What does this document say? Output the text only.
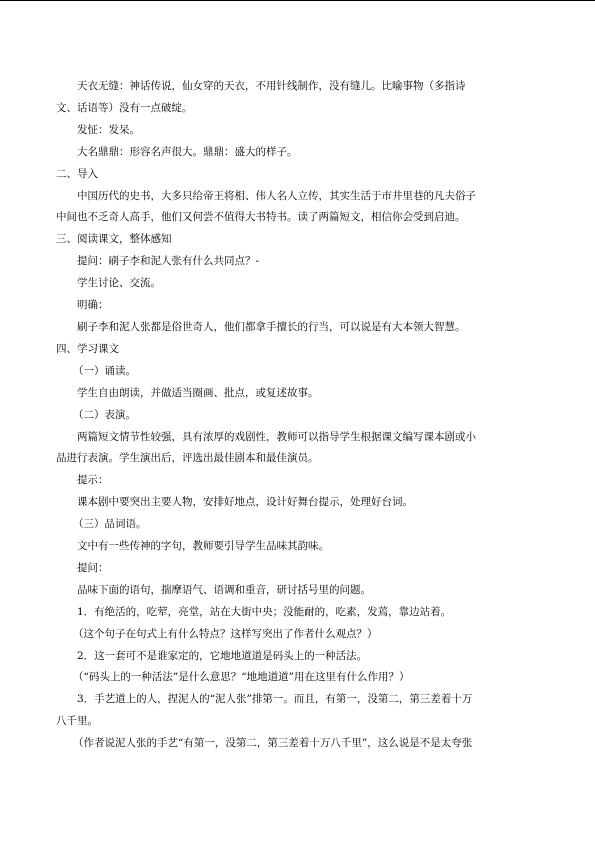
天衣无缝：神话传说，仙女穿的天衣，不用针线制作，没有缝儿。比喻事物（多指诗

文、话语等）没有一点破绽。

发怔：发呆。

大名鼎鼎：形容名声很大。鼎鼎：盛大的样子。

二、导入

中国历代的史书，大多只给帝王将相、伟人名人立传，其实生活于市井里巷的凡夫俗子

中间也不乏奇人高手，他们又何尝不值得大书特书。读了两篇短文，相信你会受到启迪。

三、阅读课文，整体感知

提问：刷子李和泥人张有什么共同点？-

学生讨论、交流。

明确：

刷子李和泥人张都是俗世奇人，他们都拿手擅长的行当，可以说是有大本领大智慧。

四、学习课文

（一）诵读。

学生自由朗读，并做适当圈画、批点，或复述故事。

（二）表演。

两篇短文情节性较强，具有浓厚的戏剧性，教师可以指导学生根据课文编写课本剧或小

品进行表演。学生演出后，评选出最佳剧本和最佳演员。

提示：

课本剧中要突出主要人物，安排好地点，设计好舞台提示，处理好台词。

（三）品词语。

文中有一些传神的字句，教师要引导学生品味其韵味。

提问：

品味下面的语句，揣摩语气、语调和重音，研讨括号里的问题。

1．有绝活的，吃荤，亮堂，站在大街中央；没能耐的，吃素，发蔫，靠边站着。

（这个句子在句式上有什么特点？这样写突出了作者什么观点？）

2．这一套可不是谁家定的，它地地道道是码头上的一种活法。

（“码头上的一种活法”是什么意思？“地地道道”用在这里有什么作用？）

3．手艺道上的人，捏泥人的“泥人张”排第一。而且，有第一，没第二，第三差着十万

八千里。

（作者说泥人张的手艺“有第一，没第二，第三差着十万八千里”，这么说是不是太夸张
